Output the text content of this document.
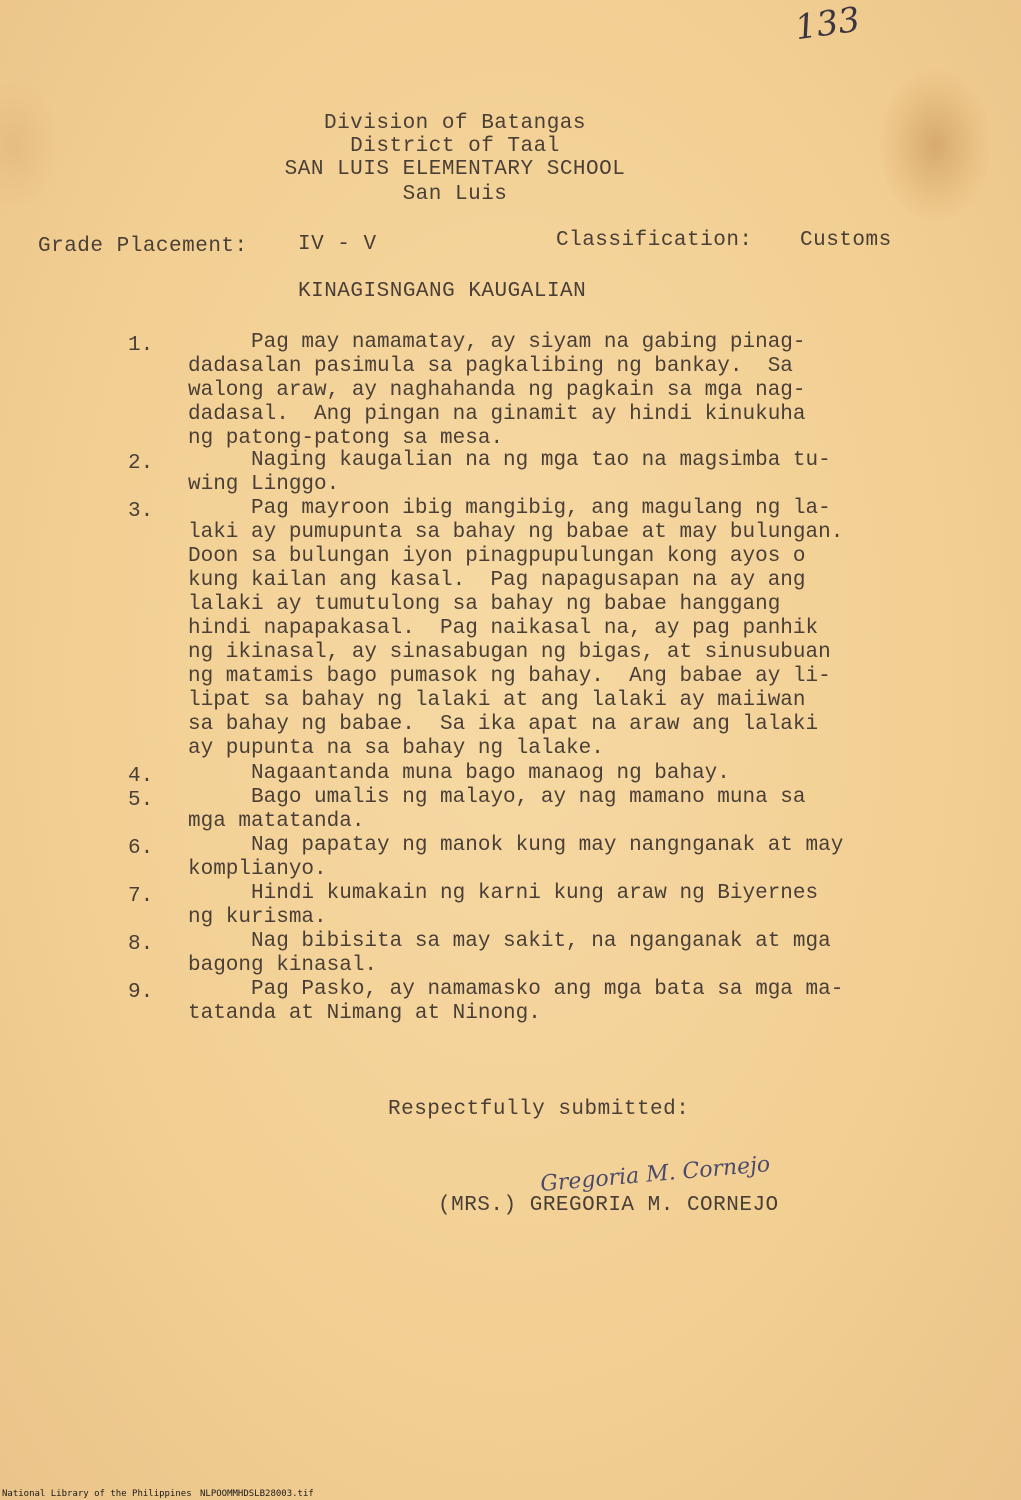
133
Division of Batangas
District of Taal
SAN LUIS ELEMENTARY SCHOOL
San Luis
Grade Placement: IV - V	Classification: Customs
KINAGISNGANG KAUGALIAN
1.	Pag may namamatay, ay siyam na gabing pinag-
dadasalan pasimula sa pagkalibing ng bankay.  Sa
walong araw, ay naghahanda ng pagkain sa mga nag-
dadasal.  Ang pingan na ginamit ay hindi kinukuha
ng patong-patong sa mesa.
2.	Naging kaugalian na ng mga tao na magsimba tu-
wing Linggo.
3.	Pag mayroon ibig mangibig, ang magulang ng la-
laki ay pumupunta sa bahay ng babae at may bulungan.
Doon sa bulungan iyon pinagpupulungan kong ayos o
kung kailan ang kasal.  Pag napagusapan na ay ang
lalaki ay tumutulong sa bahay ng babae hanggang
hindi napapakasal.  Pag naikasal na, ay pag panhik
ng ikinasal, ay sinasabugan ng bigas, at sinusubuan
ng matamis bago pumasok ng bahay.  Ang babae ay li-
lipat sa bahay ng lalaki at ang lalaki ay maiiwan
sa bahay ng babae.  Sa ika apat na araw ang lalaki
ay pupunta na sa bahay ng lalake.
4. Nagaantanda muna bago manaog ng bahay.
5.	Bago umalis ng malayo, ay nag mamano muna sa
mga matatanda.
6.	Nag papatay ng manok kung may nangnganak at may
komplianyo.
7.	Hindi kumakain ng karni kung araw ng Biyernes
ng kurisma.
8.	Nag bibisita sa may sakit, na nganganak at mga
bagong kinasal.
9.	Pag Pasko, ay namamasko ang mga bata sa mga ma-
tatanda at Nimang at Ninong.
Respectfully submitted:
Gregoria M. Cornejo
(MRS.) GREGORIA M. CORNEJO
National Library of the Philippines NLPOOMMHDSLB28003.tif
